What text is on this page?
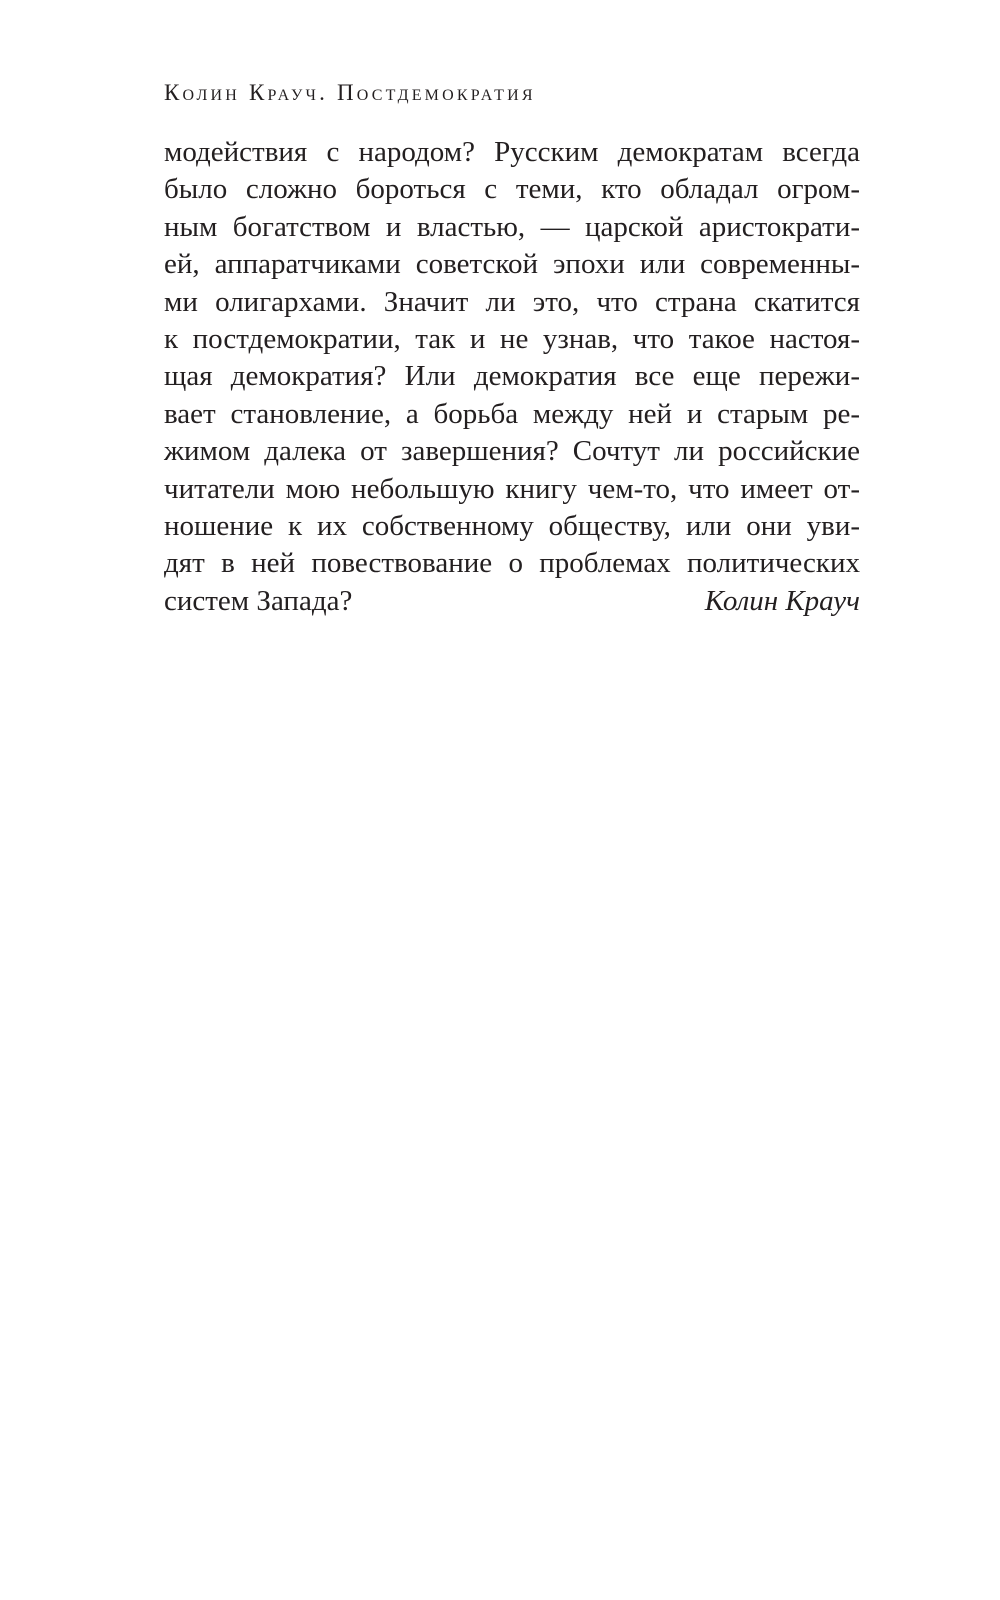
Колин Крауч. Постдемократия
модействия с народом? Русским демократам всегда
было сложно бороться с теми, кто обладал огром-
ным богатством и властью, — царской аристократи-
ей, аппаратчиками советской эпохи или современны-
ми олигархами. Значит ли это, что страна скатится
к постдемократии, так и не узнав, что такое настоя-
щая демократия? Или демократия все еще пережи-
вает становление, а борьба между ней и старым ре-
жимом далека от завершения? Сочтут ли российские
читатели мою небольшую книгу чем-то, что имеет от-
ношение к их собственному обществу, или они уви-
дят в ней повествование о проблемах политических
систем Запада?	Колин Крауч
